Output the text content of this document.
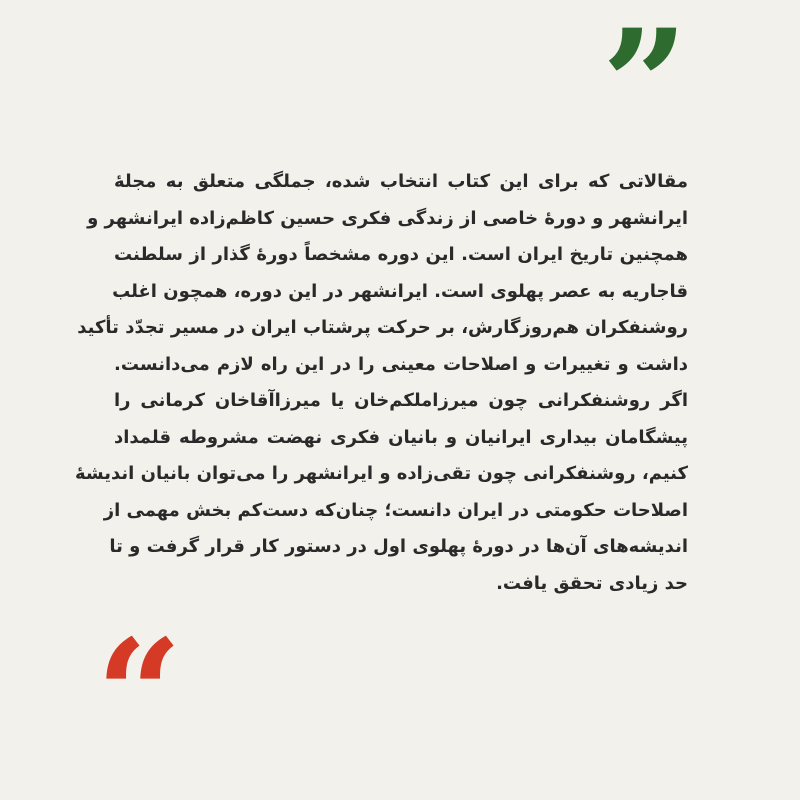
”
مقالاتی که برای این کتاب انتخاب شده، جملگی متعلق به مجلهٔ
ایرانشهر و دورهٔ خاصی از زندگی فکری حسین کاظم‌زاده ایرانشهر و
همچنین تاریخ ایران است. این دوره مشخصاً دورهٔ گذار از سلطنت
قاجاریه به عصر پهلوی است. ایرانشهر در این دوره، همچون اغلب
روشنفکران هم‌روزگارش، بر حرکت پرشتاب ایران در مسیر تجدّد تأکید
داشت و تغییرات و اصلاحات معینی را در این راه لازم می‌دانست.
اگر روشنفکرانی چون میرزاملکم‌خان یا میرزاآقاخان کرمانی را
پیشگامان بیداری ایرانیان و بانیان فکری نهضت مشروطه قلمداد
کنیم، روشنفکرانی چون تقی‌زاده و ایرانشهر را می‌توان بانیان اندیشهٔ
اصلاحات حکومتی در ایران دانست؛ چنان‌که دست‌کم بخش مهمی از
اندیشه‌های آن‌ها در دورهٔ پهلوی اول در دستور کار قرار گرفت و تا
حد زیادی تحقق یافت.
“
